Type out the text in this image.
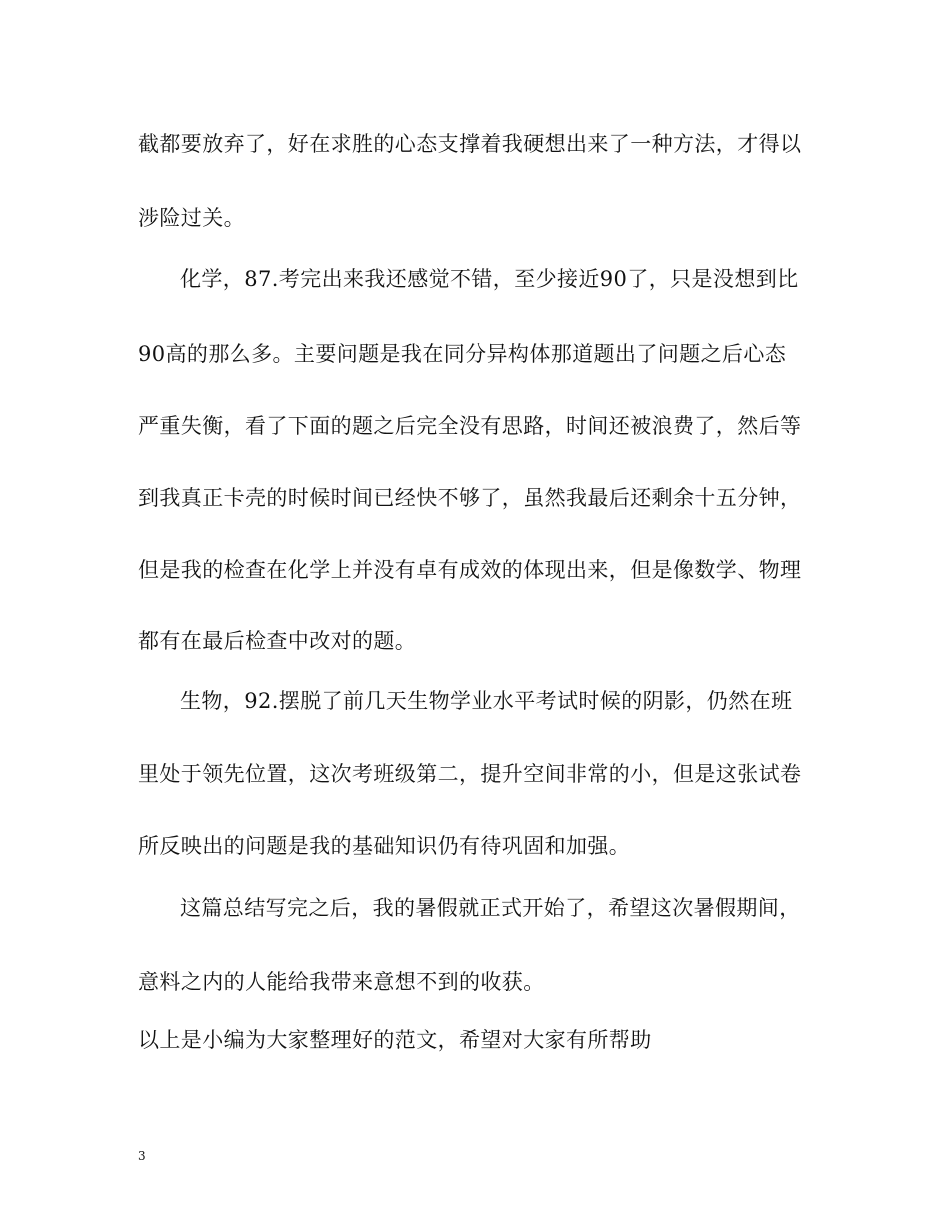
截都要放弃了，好在求胜的心态支撑着我硬想出来了一种方法，才得以
涉险过关。
化学，87.考完出来我还感觉不错，至少接近90了，只是没想到比
90高的那么多。主要问题是我在同分异构体那道题出了问题之后心态
严重失衡，看了下面的题之后完全没有思路，时间还被浪费了，然后等
到我真正卡壳的时候时间已经快不够了，虽然我最后还剩余十五分钟，
但是我的检查在化学上并没有卓有成效的体现出来，但是像数学、物理
都有在最后检查中改对的题。
生物，92.摆脱了前几天生物学业水平考试时候的阴影，仍然在班
里处于领先位置，这次考班级第二，提升空间非常的小，但是这张试卷
所反映出的问题是我的基础知识仍有待巩固和加强。
这篇总结写完之后，我的暑假就正式开始了，希望这次暑假期间，
意料之内的人能给我带来意想不到的收获。
以上是小编为大家整理好的范文，希望对大家有所帮助
3
